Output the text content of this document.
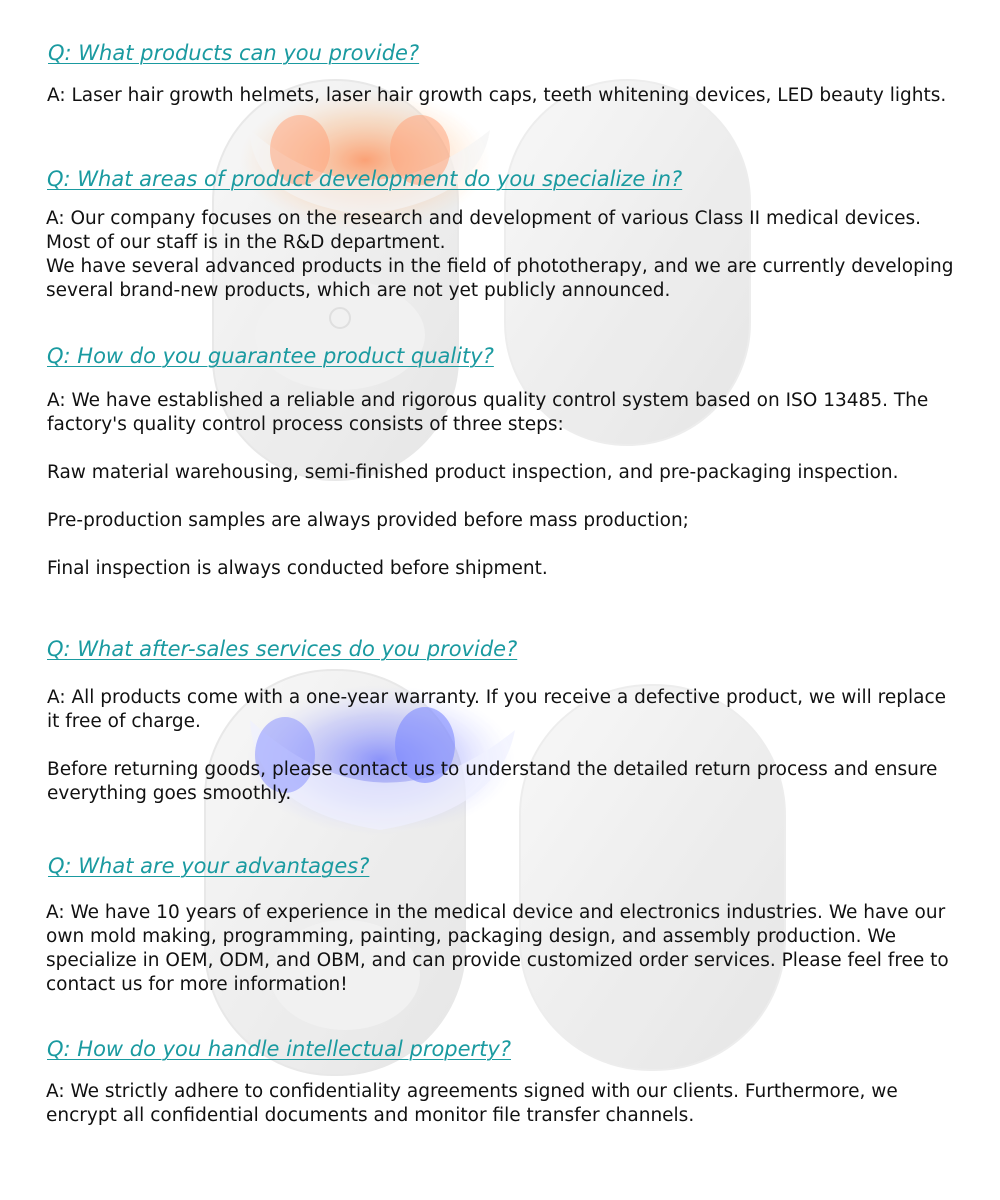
Q: What products can you provide?

A: Laser hair growth helmets, laser hair growth caps, teeth whitening devices, LED beauty lights.

Q: What areas of product development do you specialize in?

A: Our company focuses on the research and development of various Class II medical devices.

Most of our staff is in the R&D department.

We have several advanced products in the field of phototherapy, and we are currently developing

several brand-new products, which are not yet publicly announced.

Q: How do you guarantee product quality?

A: We have established a reliable and rigorous quality control system based on ISO 13485. The

factory's quality control process consists of three steps:

Raw material warehousing, semi-finished product inspection, and pre-packaging inspection.

Pre-production samples are always provided before mass production;

Final inspection is always conducted before shipment.

Q: What after-sales services do you provide?

A: All products come with a one-year warranty. If you receive a defective product, we will replace

it free of charge.

Before returning goods, please contact us to understand the detailed return process and ensure

everything goes smoothly.

Q: What are your advantages?

A: We have 10 years of experience in the medical device and electronics industries. We have our

own mold making, programming, painting, packaging design, and assembly production. We

specialize in OEM, ODM, and OBM, and can provide customized order services. Please feel free to

contact us for more information!

Q: How do you handle intellectual property?

A: We strictly adhere to confidentiality agreements signed with our clients. Furthermore, we

encrypt all confidential documents and monitor file transfer channels.
